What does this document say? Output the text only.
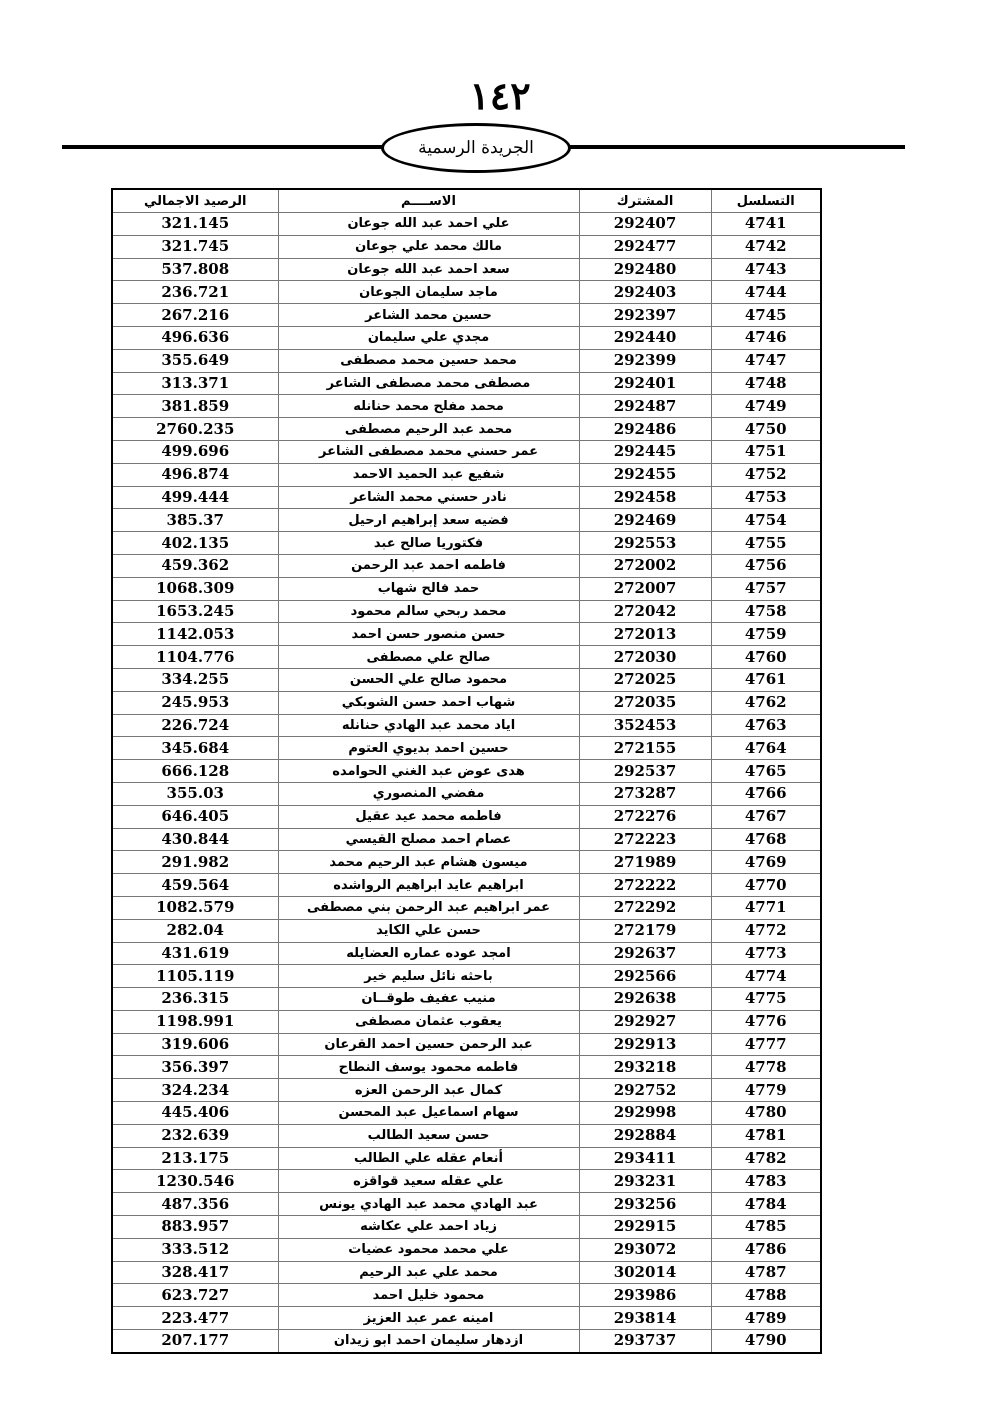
١٤٢
الجريدة الرسمية
الرصيد الاجمالي	الاســــم	المشترك	التسلسل
321.145	علي احمد عبد الله جوعان	292407	4741
321.745	مالك محمد علي جوعان	292477	4742
537.808	سعد احمد عبد الله جوعان	292480	4743
236.721	ماجد سليمان الجوعان	292403	4744
267.216	حسين محمد الشاعر	292397	4745
496.636	مجدي علي سليمان	292440	4746
355.649	محمد حسين محمد مصطفى	292399	4747
313.371	مصطفى محمد مصطفى الشاعر	292401	4748
381.859	محمد مفلح محمد حنانله	292487	4749
2760.235	محمد عبد الرحيم مصطفى	292486	4750
499.696	عمر حسني محمد مصطفى الشاعر	292445	4751
496.874	شفيع عبد الحميد الاحمد	292455	4752
499.444	نادر حسني محمد الشاعر	292458	4753
385.37	فضيه سعد إبراهيم ارحيل	292469	4754
402.135	فكتوريا صالح عبد	292553	4755
459.362	فاطمه احمد عبد الرحمن	272002	4756
1068.309	حمد فالح شهاب	272007	4757
1653.245	محمد ربحي سالم محمود	272042	4758
1142.053	حسن منصور حسن احمد	272013	4759
1104.776	صالح علي مصطفى	272030	4760
334.255	محمود صالح علي الحسن	272025	4761
245.953	شهاب احمد حسن الشوبكي	272035	4762
226.724	اياد محمد عبد الهادي حنانله	352453	4763
345.684	حسين احمد بديوي العتوم	272155	4764
666.128	هدى عوض عبد الغني الحوامده	292537	4765
355.03	مفضي المنصوري	273287	4766
646.405	فاطمه محمد عيد عقيل	272276	4767
430.844	عصام احمد مصلح القيسي	272223	4768
291.982	ميسون هشام عبد الرحيم محمد	271989	4769
459.564	ابراهيم عايد ابراهيم الرواشده	272222	4770
1082.579	عمر ابراهيم عبد الرحمن بني مصطفى	272292	4771
282.04	حسن علي الكايد	272179	4772
431.619	امجد عوده عماره العضايله	292637	4773
1105.119	باحثه نائل سليم خير	292566	4774
236.315	منيب عفيف طوقــان	292638	4775
1198.991	يعقوب عثمان مصطفى	292927	4776
319.606	عبد الرحمن حسين احمد القرعان	292913	4777
356.397	فاطمه محمود يوسف النطاح	293218	4778
324.234	كمال عبد الرحمن العزه	292752	4779
445.406	سهام اسماعيل عبد المحسن	292998	4780
232.639	حسن سعيد الطالب	292884	4781
213.175	أنعام عقله علي الطالب	293411	4782
1230.546	علي عقله سعيد قواقزه	293231	4783
487.356	عبد الهادي محمد عبد الهادي يونس	293256	4784
883.957	زياد احمد علي عكاشه	292915	4785
333.512	علي محمد محمود عضيات	293072	4786
328.417	محمد علي عبد الرحيم	302014	4787
623.727	محمود خليل احمد	293986	4788
223.477	امينه عمر عبد العزيز	293814	4789
207.177	ازدهار سليمان احمد ابو زيدان	293737	4790
